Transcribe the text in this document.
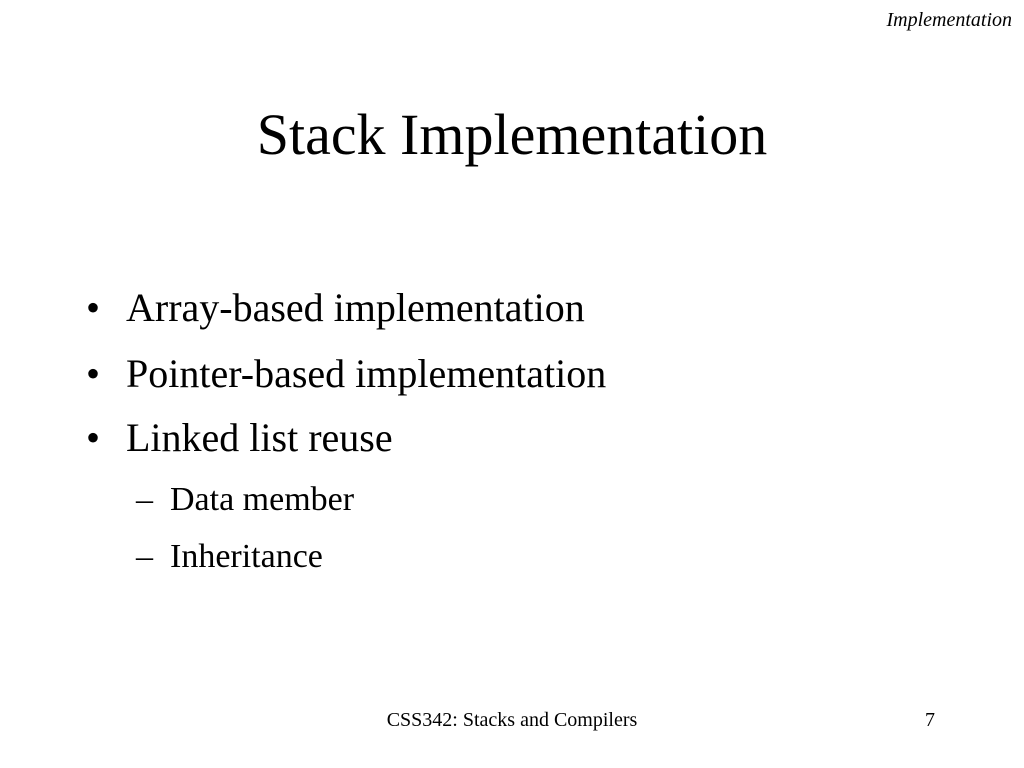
Implementation
Stack Implementation
• Array-based implementation
• Pointer-based implementation
• Linked list reuse
– Data member
– Inheritance
CSS342: Stacks and Compilers	7
